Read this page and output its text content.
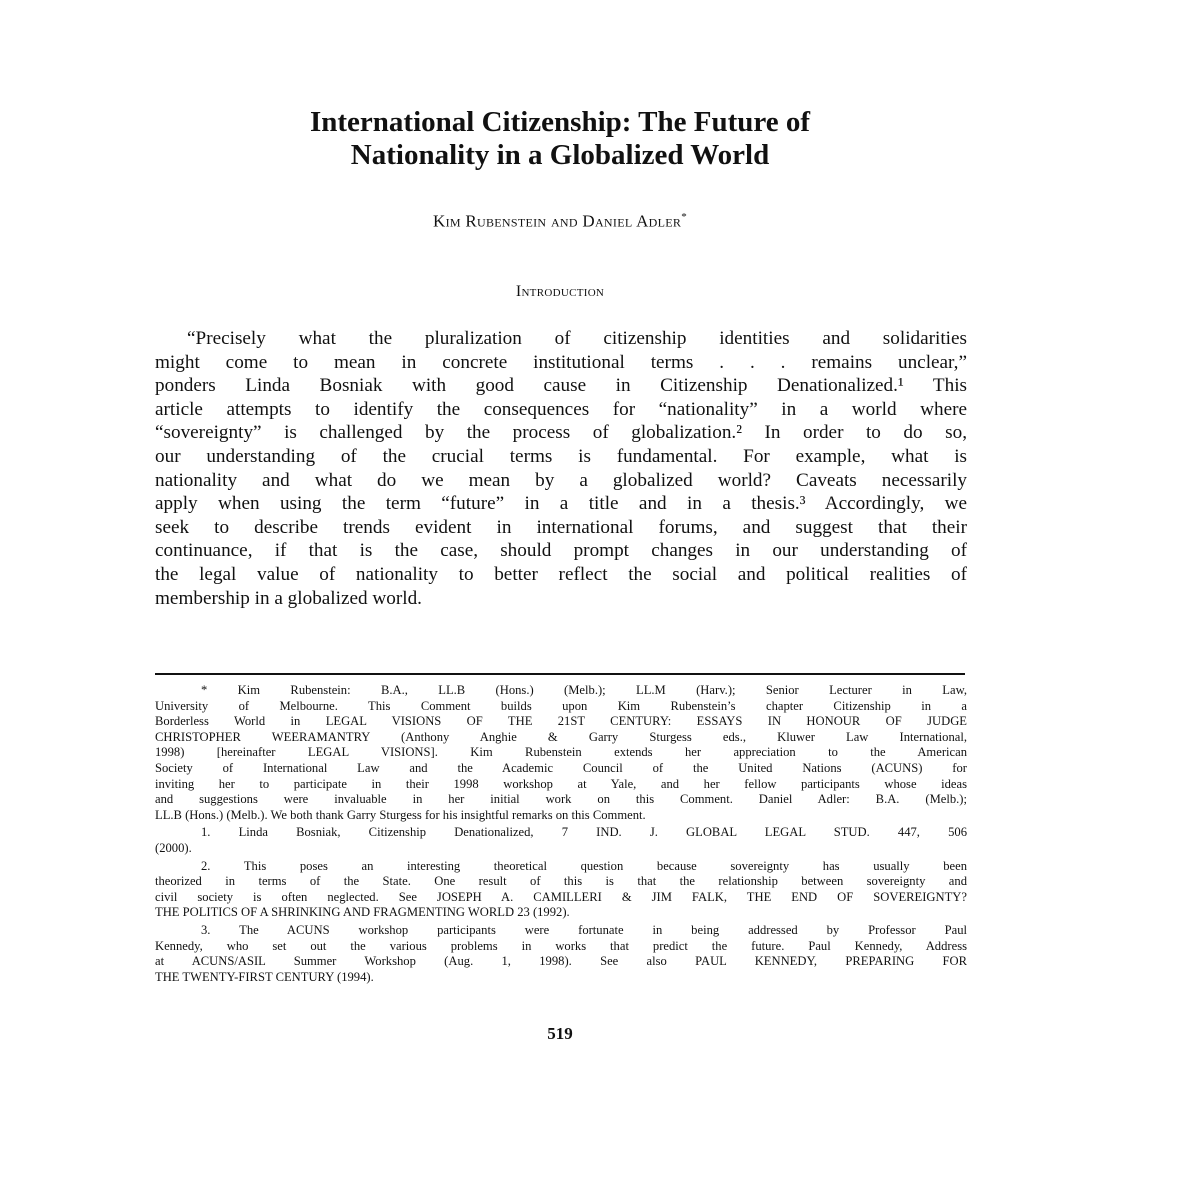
International Citizenship: The Future of
Nationality in a Globalized World
Kim Rubenstein and Daniel Adler*
Introduction
“Precisely what the pluralization of citizenship identities and solidarities
might come to mean in concrete institutional terms . . . remains unclear,”
ponders Linda Bosniak with good cause in Citizenship Denationalized.¹ This
article attempts to identify the consequences for “nationality” in a world where
“sovereignty” is challenged by the process of globalization.² In order to do so,
our understanding of the crucial terms is fundamental. For example, what is
nationality and what do we mean by a globalized world? Caveats necessarily
apply when using the term “future” in a title and in a thesis.³ Accordingly, we
seek to describe trends evident in international forums, and suggest that their
continuance, if that is the case, should prompt changes in our understanding of
the legal value of nationality to better reflect the social and political realities of
membership in a globalized world.
* Kim Rubenstein: B.A., LL.B (Hons.) (Melb.); LL.M (Harv.); Senior Lecturer in Law,
University of Melbourne. This Comment builds upon Kim Rubenstein’s chapter Citizenship in a
Borderless World in LEGAL VISIONS OF THE 21ST CENTURY: ESSAYS IN HONOUR OF JUDGE
CHRISTOPHER WEERAMANTRY (Anthony Anghie & Garry Sturgess eds., Kluwer Law International,
1998) [hereinafter LEGAL VISIONS]. Kim Rubenstein extends her appreciation to the American
Society of International Law and the Academic Council of the United Nations (ACUNS) for
inviting her to participate in their 1998 workshop at Yale, and her fellow participants whose ideas
and suggestions were invaluable in her initial work on this Comment. Daniel Adler: B.A. (Melb.);
LL.B (Hons.) (Melb.). We both thank Garry Sturgess for his insightful remarks on this Comment.
1. Linda Bosniak, Citizenship Denationalized, 7 IND. J. GLOBAL LEGAL STUD. 447, 506
(2000).
2. This poses an interesting theoretical question because sovereignty has usually been
theorized in terms of the State. One result of this is that the relationship between sovereignty and
civil society is often neglected. See JOSEPH A. CAMILLERI & JIM FALK, THE END OF SOVEREIGNTY?
THE POLITICS OF A SHRINKING AND FRAGMENTING WORLD 23 (1992).
3. The ACUNS workshop participants were fortunate in being addressed by Professor Paul
Kennedy, who set out the various problems in works that predict the future. Paul Kennedy, Address
at ACUNS/ASIL Summer Workshop (Aug. 1, 1998). See also PAUL KENNEDY, PREPARING FOR
THE TWENTY-FIRST CENTURY (1994).
519
